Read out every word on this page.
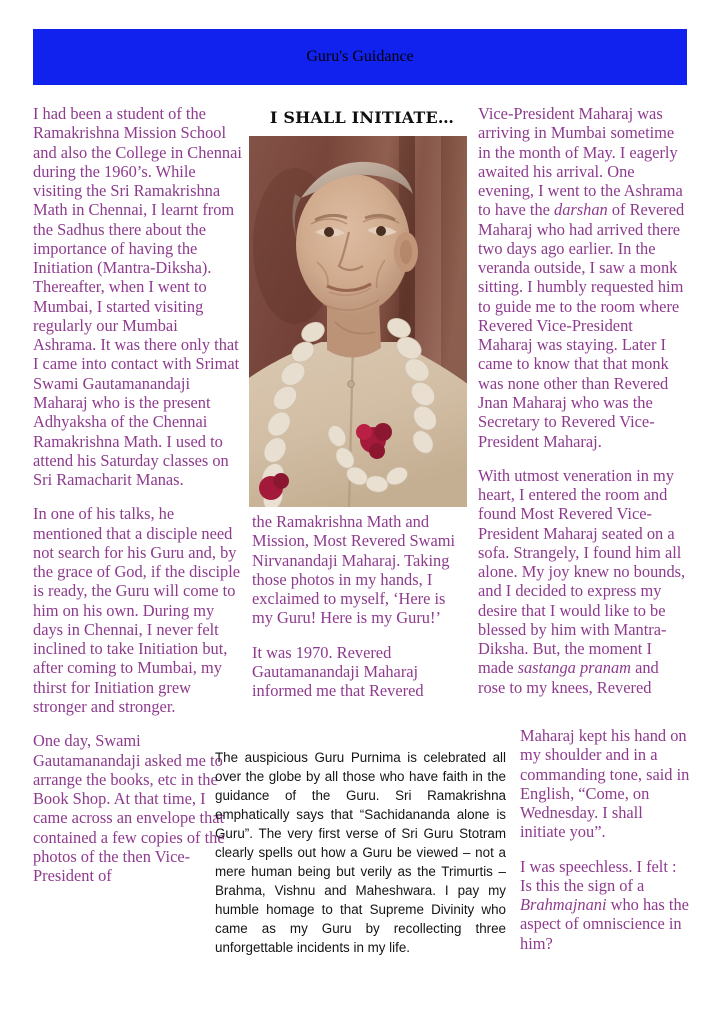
Guru's Guidance

I had been a student of the Ramakrishna Mission School and also the College in Chennai during the 1960’s. While visiting the Sri Ramakrishna Math in Chennai, I learnt from the Sadhus there about the importance of having the Initiation (Mantra-Diksha). Thereafter, when I went to Mumbai, I started visiting regularly our Mumbai Ashrama. It was there only that I came into contact with Srimat Swami Gautamanandaji Maharaj who is the present Adhyaksha of the Chennai Ramakrishna Math. I used to attend his Saturday classes on Sri Ramacharit Manas.

In one of his talks, he mentioned that a disciple need not search for his Guru and, by the grace of God, if the disciple is ready, the Guru will come to him on his own. During my days in Chennai, I never felt inclined to take Initiation but, after coming to Mumbai, my thirst for Initiation grew stronger and stronger.

One day, Swami Gautamanandaji asked me to arrange the books, etc in the Book Shop. At that time, I came across an envelope that contained a few copies of the photos of the then Vice-President of

I SHALL INITIATE…

the Ramakrishna Math and Mission, Most Revered Swami Nirvanandaji Maharaj. Taking those photos in my hands, I exclaimed to myself, ‘Here is my Guru! Here is my Guru!’

It was 1970. Revered Gautamanandaji Maharaj informed me that Revered

Vice-President Maharaj was arriving in Mumbai sometime in the month of May. I eagerly awaited his arrival. One evening, I went to the Ashrama to have the darshan of Revered Maharaj who had arrived there two days ago earlier. In the veranda outside, I saw a monk sitting. I humbly requested him to guide me to the room where Revered Vice-President Maharaj was staying. Later I came to know that that monk was none other than Revered Jnan Maharaj who was the Secretary to Revered Vice-President Maharaj.

With utmost veneration in my heart, I entered the room and found Most Revered Vice-President Maharaj seated on a sofa. Strangely, I found him all alone. My joy knew no bounds, and I decided to express my desire that I would like to be blessed by him with Mantra-Diksha. But, the moment I made sastanga pranam and rose to my knees, Revered

Maharaj kept his hand on my shoulder and in a commanding tone, said in English, “Come, on Wednesday. I shall initiate you”.

I was speechless. I felt : Is this the sign of a Brahmajnani who has the aspect of omniscience in him?

The auspicious Guru Purnima is celebrated all over the globe by all those who have faith in the guidance of the Guru. Sri Ramakrishna emphatically says that “Sachidananda alone is Guru”. The very first verse of Sri Guru Stotram clearly spells out how a Guru be viewed – not a mere human being but verily as the Trimurtis – Brahma, Vishnu and Maheshwara. I pay my humble homage to that Supreme Divinity who came as my Guru by recollecting three unforgettable incidents in my life.
